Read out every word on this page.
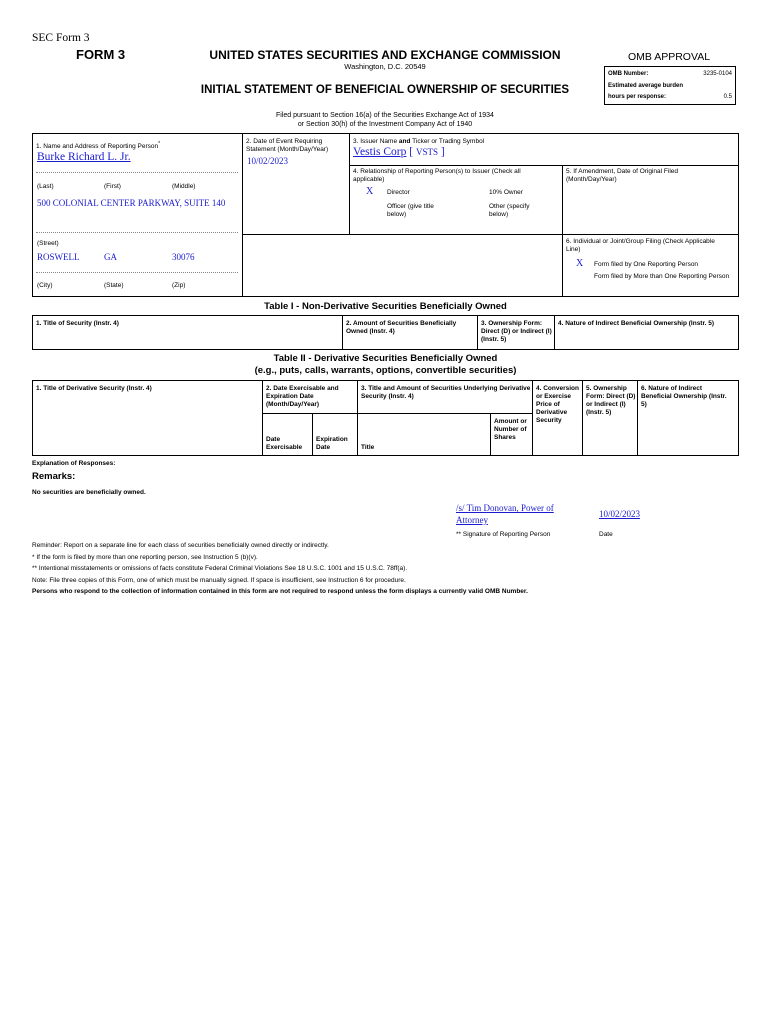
SEC Form 3
FORM 3	UNITED STATES SECURITIES AND EXCHANGE COMMISSION
Washington, D.C. 20549
INITIAL STATEMENT OF BENEFICIAL OWNERSHIP OF SECURITIES
Filed pursuant to Section 16(a) of the Securities Exchange Act of 1934
or Section 30(h) of the Investment Company Act of 1940
OMB APPROVAL
OMB Number:	3235-0104
Estimated average burden
hours per response:	0.5
1. Name and Address of Reporting Person*
Burke Richard L. Jr.
(Last)	(First)	(Middle)
500 COLONIAL CENTER PARKWAY, SUITE 140
(Street)
ROSWELL	GA	30076
(City)	(State)	(Zip)
2. Date of Event Requiring Statement (Month/Day/Year)
10/02/2023
3. Issuer Name and Ticker or Trading Symbol
Vestis Corp [ VSTS ]
4. Relationship of Reporting Person(s) to Issuer (Check all applicable)
X Director	10% Owner
Officer (give title below)
Other (specify below)
5. If Amendment, Date of Original Filed (Month/Day/Year)
6. Individual or Joint/Group Filing (Check Applicable Line)
X Form filed by One Reporting Person
Form filed by More than One Reporting Person
Table I - Non-Derivative Securities Beneficially Owned
1. Title of Security (Instr. 4)	2. Amount of Securities Beneficially Owned (Instr. 4)
3. Ownership Form: Direct (D) or Indirect (I) (Instr. 5)
4. Nature of Indirect Beneficial Ownership (Instr. 5)
Table II - Derivative Securities Beneficially Owned
(e.g., puts, calls, warrants, options, convertible securities)
1. Title of Derivative Security (Instr. 4)	2. Date Exercisable and Expiration Date (Month/Day/Year)
3. Title and Amount of Securities Underlying Derivative Security (Instr. 4)
4. Conversion or Exercise Price of Derivative Security
5. Ownership Form: Direct (D) or Indirect (I) (Instr. 5)
6. Nature of Indirect Beneficial Ownership (Instr. 5)
Date Exercisable
Expiration Date	Title
Amount or Number of Shares
Explanation of Responses:
Remarks:
No securities are beneficially owned.
/s/ Tim Donovan, Power of Attorney
10/02/2023
** Signature of Reporting Person	Date
Reminder: Report on a separate line for each class of securities beneficially owned directly or indirectly.
* If the form is filed by more than one reporting person, see Instruction 5 (b)(v).
** Intentional misstatements or omissions of facts constitute Federal Criminal Violations See 18 U.S.C. 1001 and 15 U.S.C. 78ff(a).
Note: File three copies of this Form, one of which must be manually signed. If space is insufficient, see Instruction 6 for procedure.
Persons who respond to the collection of information contained in this form are not required to respond unless the form displays a currently valid OMB Number.
